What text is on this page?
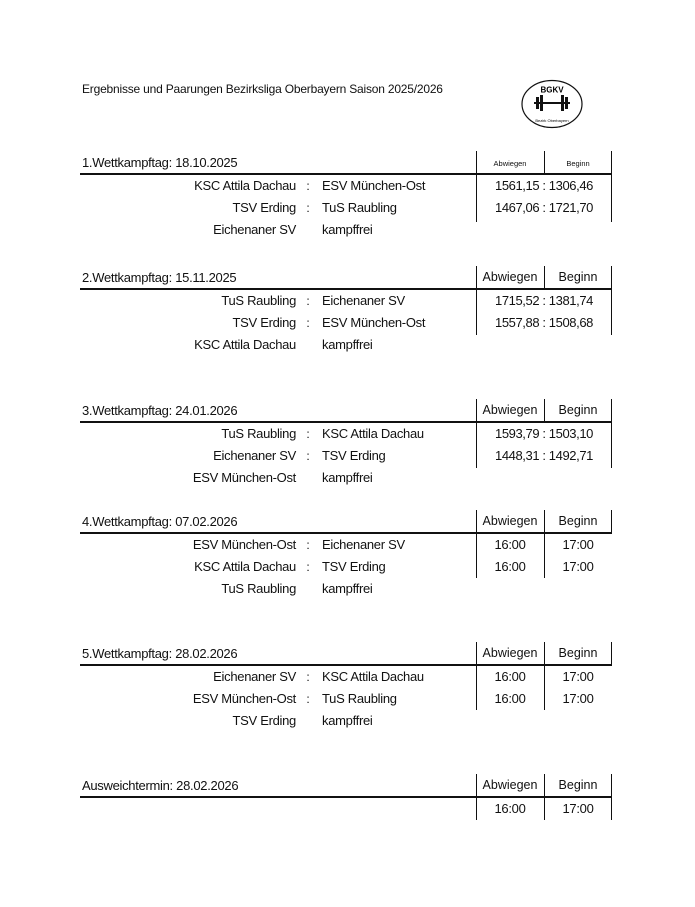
Ergebnisse und Paarungen Bezirksliga Oberbayern Saison 2025/2026	BGKV
Bezirk Oberbayern
1.Wettkampftag: 18.10.2025	Abwiegen	Beginn
KSC Attila Dachau : ESV München-Ost	1561,15 : 1306,46
TSV Erding : TuS Raubling	1467,06 : 1721,70
Eichenaner SV kampffrei
2.Wettkampftag: 15.11.2025	Abwiegen	Beginn
TuS Raubling : Eichenaner SV	1715,52 : 1381,74
TSV Erding : ESV München-Ost	1557,88 : 1508,68
KSC Attila Dachau kampffrei
3.Wettkampftag: 24.01.2026	Abwiegen	Beginn
TuS Raubling : KSC Attila Dachau	1593,79 : 1503,10
Eichenaner SV : TSV Erding	1448,31 : 1492,71
ESV München-Ost kampffrei
4.Wettkampftag: 07.02.2026	Abwiegen	Beginn
ESV München-Ost : Eichenaner SV	16:00	17:00
KSC Attila Dachau : TSV Erding	16:00	17:00
TuS Raubling kampffrei
5.Wettkampftag: 28.02.2026	Abwiegen	Beginn
Eichenaner SV : KSC Attila Dachau	16:00	17:00
ESV München-Ost : TuS Raubling	16:00	17:00
TSV Erding kampffrei
Ausweichtermin: 28.02.2026	Abwiegen	Beginn
16:00	17:00
